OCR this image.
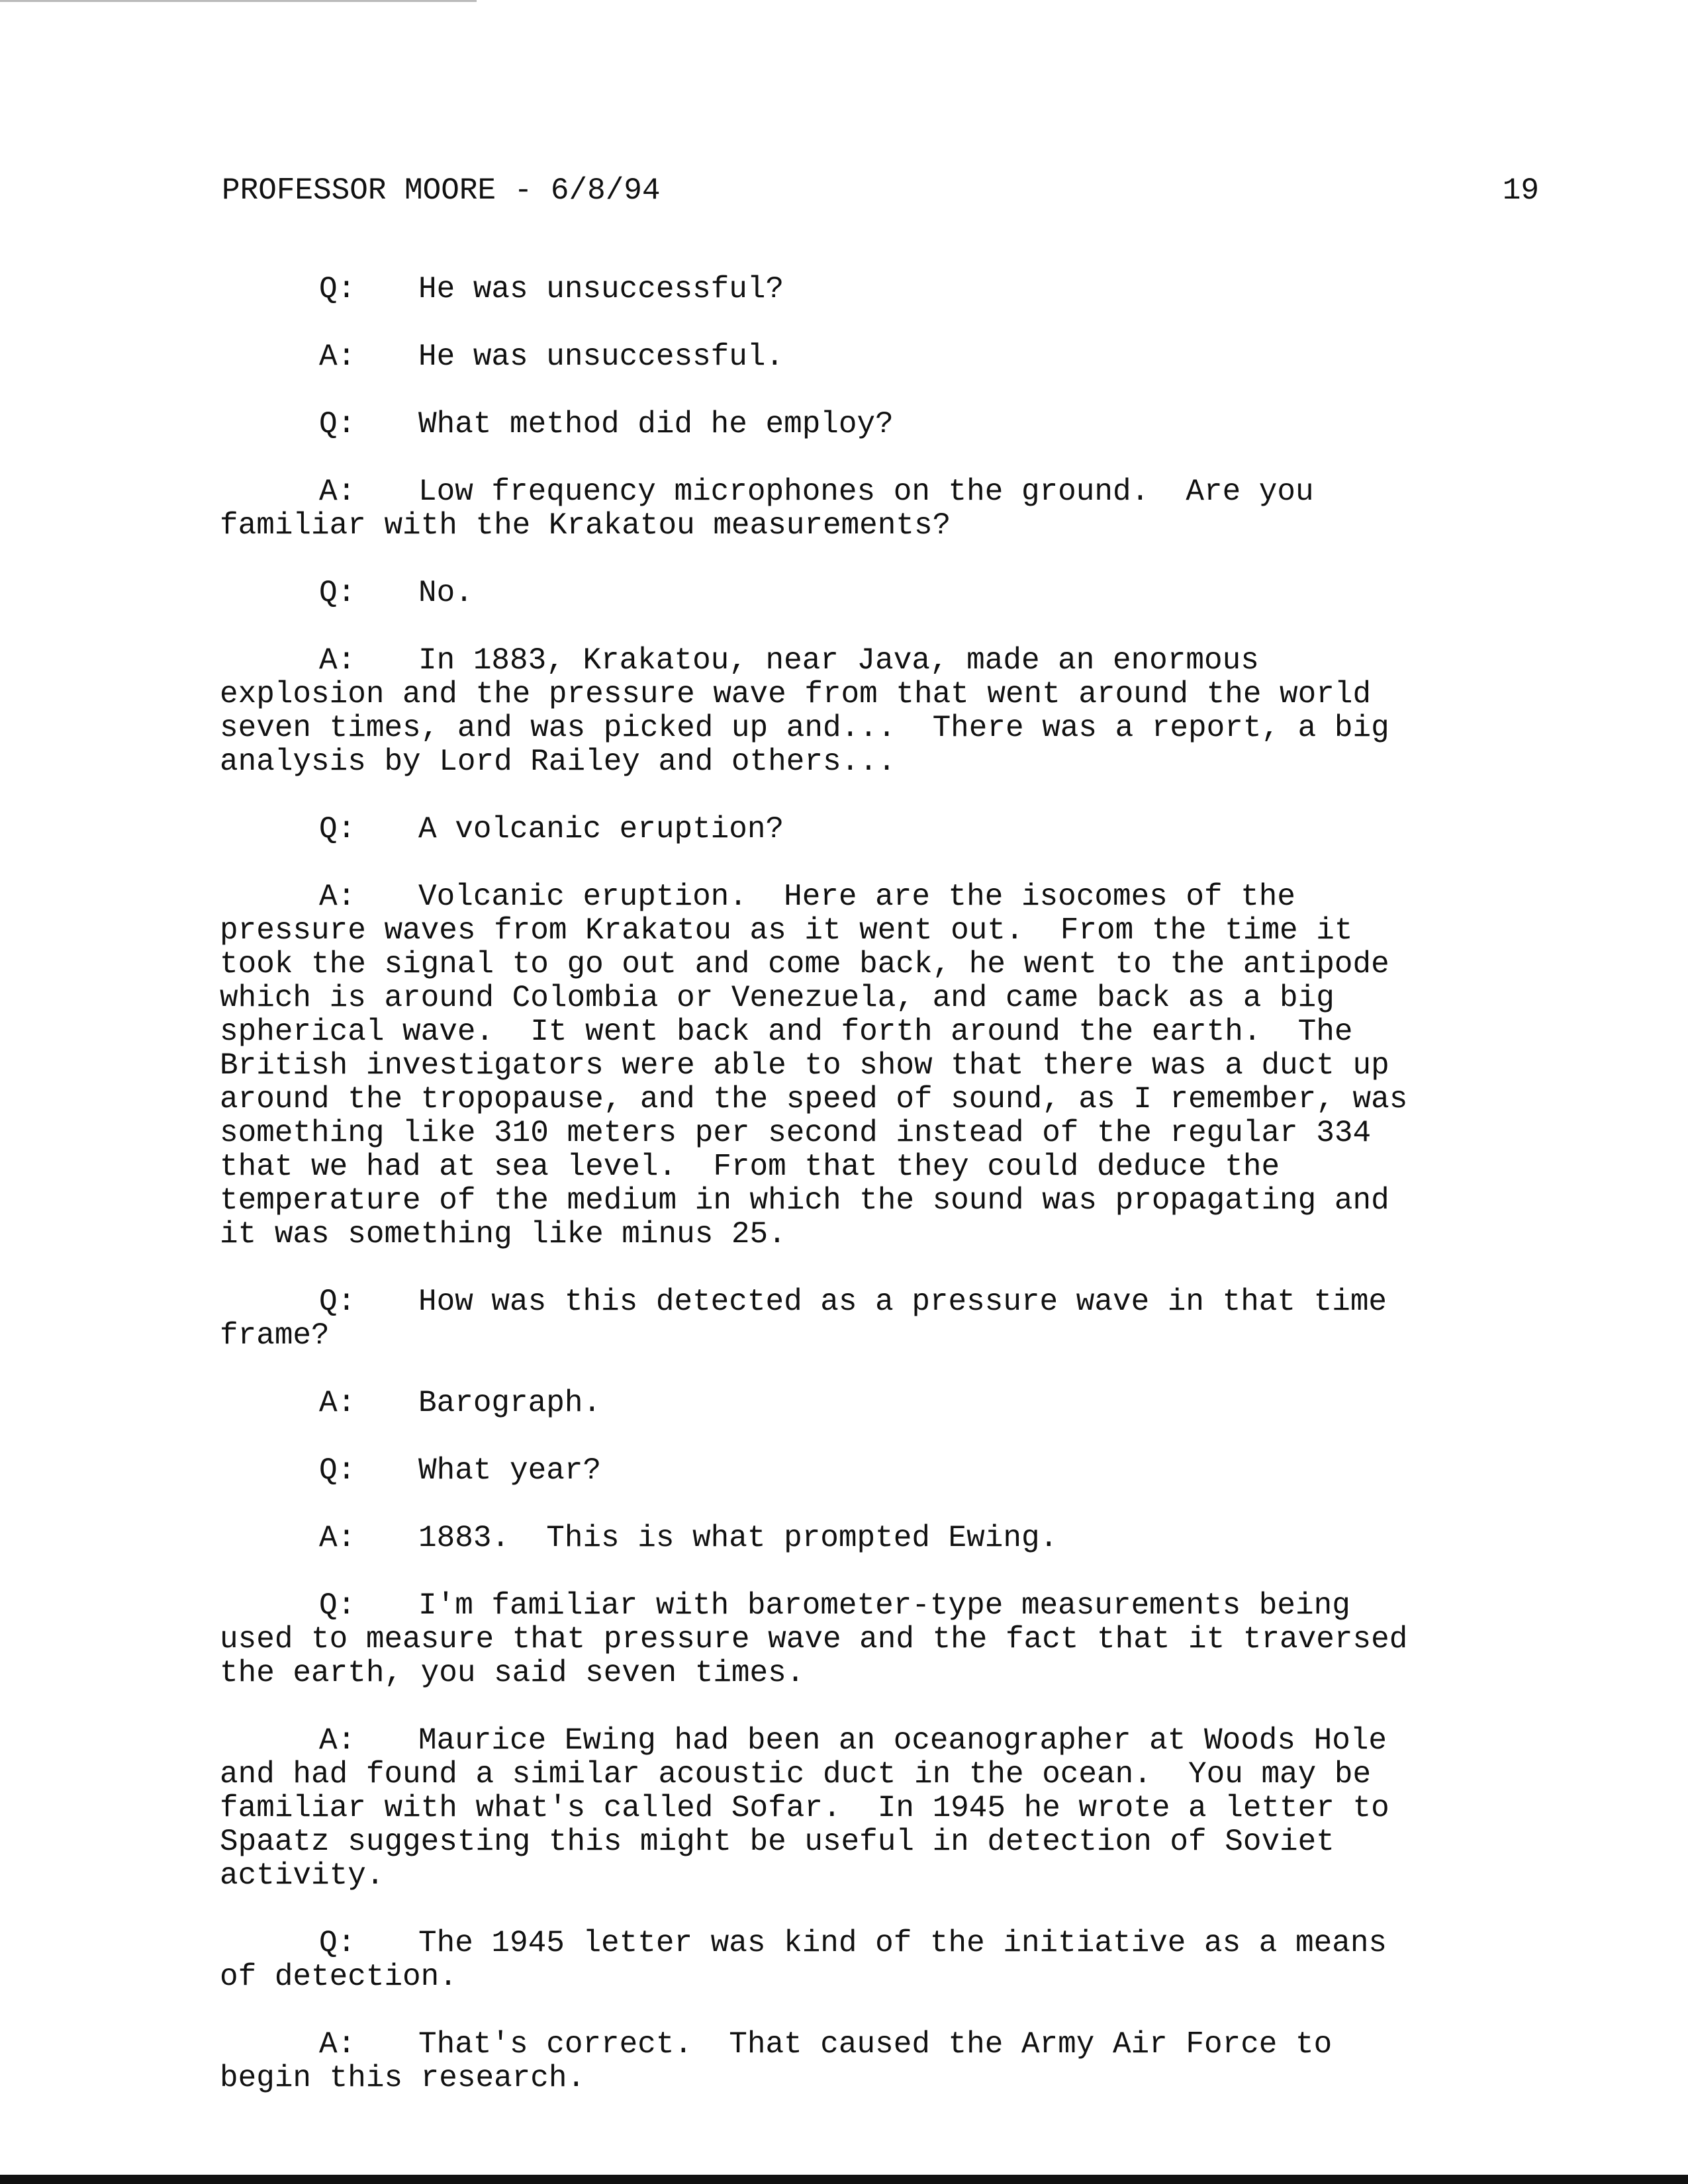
PROFESSOR MOORE - 6/8/94

	19

Q: He was unsuccessful?
A: He was unsuccessful.
Q: What method did he employ?
A: Low frequency microphones on the ground.  Are you
familiar with the Krakatou measurements?
Q: No.
A: In 1883, Krakatou, near Java, made an enormous
explosion and the pressure wave from that went around the world
seven times, and was picked up and...  There was a report, a big
analysis by Lord Railey and others...
Q: A volcanic eruption?
A: Volcanic eruption.  Here are the isocomes of the
pressure waves from Krakatou as it went out.  From the time it
took the signal to go out and come back, he went to the antipode
which is around Colombia or Venezuela, and came back as a big
spherical wave.  It went back and forth around the earth.  The
British investigators were able to show that there was a duct up
around the tropopause, and the speed of sound, as I remember, was
something like 310 meters per second instead of the regular 334
that we had at sea level.  From that they could deduce the
temperature of the medium in which the sound was propagating and
it was something like minus 25.
Q: How was this detected as a pressure wave in that time
frame?
A: Barograph.
Q: What year?
A: 1883.  This is what prompted Ewing.
Q: I'm familiar with barometer-type measurements being
used to measure that pressure wave and the fact that it traversed
the earth, you said seven times.
A: Maurice Ewing had been an oceanographer at Woods Hole
and had found a similar acoustic duct in the ocean.  You may be
familiar with what's called Sofar.  In 1945 he wrote a letter to
Spaatz suggesting this might be useful in detection of Soviet
activity.
Q: The 1945 letter was kind of the initiative as a means
of detection.
A: That's correct.  That caused the Army Air Force to
begin this research.
